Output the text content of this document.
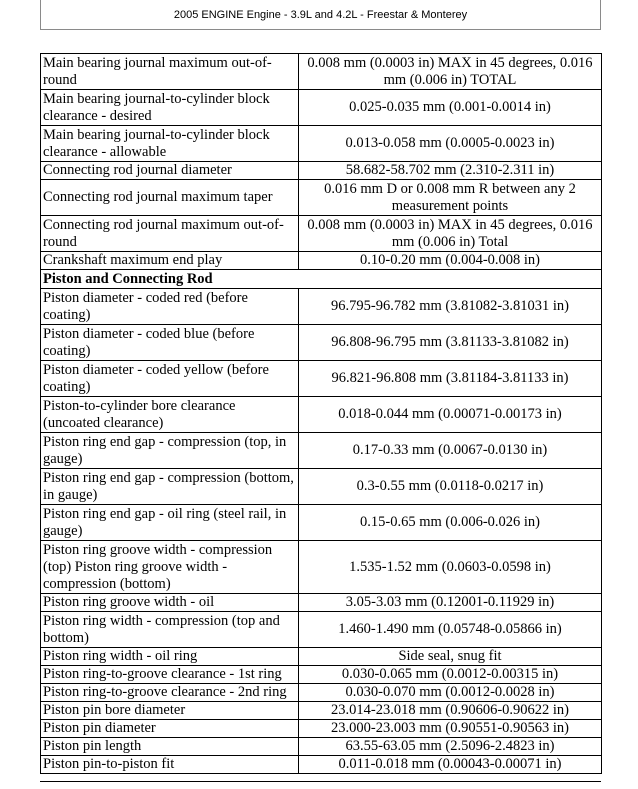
2005 ENGINE Engine - 3.9L and 4.2L - Freestar & Monterey
Main bearing journal maximum out-of-round	0.008 mm (0.0003 in) MAX in 45 degrees, 0.016 mm (0.006 in) TOTAL
Main bearing journal-to-cylinder block clearance - desired	0.025-0.035 mm (0.001-0.0014 in)
Main bearing journal-to-cylinder block clearance - allowable	0.013-0.058 mm (0.0005-0.0023 in)
Connecting rod journal diameter	58.682-58.702 mm (2.310-2.311 in)
Connecting rod journal maximum taper	0.016 mm D or 0.008 mm R between any 2 measurement points
Connecting rod journal maximum out-of-round	0.008 mm (0.0003 in) MAX in 45 degrees, 0.016 mm (0.006 in) Total
Crankshaft maximum end play	0.10-0.20 mm (0.004-0.008 in)
Piston and Connecting Rod	
Piston diameter - coded red (before coating)	96.795-96.782 mm (3.81082-3.81031 in)
Piston diameter - coded blue (before coating)	96.808-96.795 mm (3.81133-3.81082 in)
Piston diameter - coded yellow (before coating)	96.821-96.808 mm (3.81184-3.81133 in)
Piston-to-cylinder bore clearance (uncoated clearance)	0.018-0.044 mm (0.00071-0.00173 in)
Piston ring end gap - compression (top, in gauge)	0.17-0.33 mm (0.0067-0.0130 in)
Piston ring end gap - compression (bottom, in gauge)	0.3-0.55 mm (0.0118-0.0217 in)
Piston ring end gap - oil ring (steel rail, in gauge)	0.15-0.65 mm (0.006-0.026 in)
Piston ring groove width - compression (top) Piston ring groove width - compression (bottom)	1.535-1.52 mm (0.0603-0.0598 in)
Piston ring groove width - oil	3.05-3.03 mm (0.12001-0.11929 in)
Piston ring width - compression (top and bottom)	1.460-1.490 mm (0.05748-0.05866 in)
Piston ring width - oil ring	Side seal, snug fit
Piston ring-to-groove clearance - 1st ring	0.030-0.065 mm (0.0012-0.00315 in)
Piston ring-to-groove clearance - 2nd ring	0.030-0.070 mm (0.0012-0.0028 in)
Piston pin bore diameter	23.014-23.018 mm (0.90606-0.90622 in)
Piston pin diameter	23.000-23.003 mm (0.90551-0.90563 in)
Piston pin length	63.55-63.05 mm (2.5096-2.4823 in)
Piston pin-to-piston fit	0.011-0.018 mm (0.00043-0.00071 in)
